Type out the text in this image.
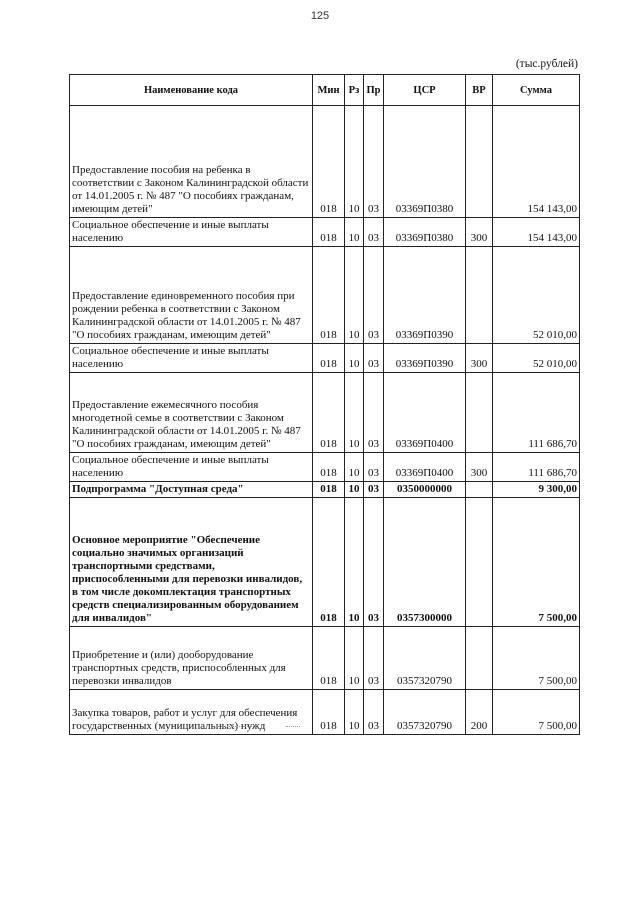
125
(тыс.рублей)
Наименование кода	Мин	Рз	Пр	ЦСР	ВР	Сумма
Предоставление пособия на ребенка в соответствии с Законом Калининградской области от 14.01.2005 г. № 487 "О пособиях гражданам, имеющим детей"	018	10	03	03369П0380		154 143,00
Социальное обеспечение и иные выплаты населению	018	10	03	03369П0380	300	154 143,00
Предоставление единовременного пособия при рождении ребенка в соответствии с Законом Калининградской области от 14.01.2005 г. № 487 "О пособиях гражданам, имеющим детей"	018	10	03	03369П0390		52 010,00
Социальное обеспечение и иные выплаты населению	018	10	03	03369П0390	300	52 010,00
Предоставление ежемесячного пособия многодетной семье в соответствии с Законом Калининградской области от 14.01.2005 г. № 487 "О пособиях гражданам, имеющим детей"	018	10	03	03369П0400		111 686,70
Социальное обеспечение и иные выплаты населению	018	10	03	03369П0400	300	111 686,70
Подпрограмма "Доступная среда"	018	10	03	0350000000		9 300,00
Основное мероприятие "Обеспечение социально значимых организаций транспортными средствами, приспособленными для перевозки инвалидов, в том числе докомплектация транспортных средств специализированным оборудованием для инвалидов"	018	10	03	0357300000		7 500,00
Приобретение и (или) дооборудование транспортных средств, приспособленных для перевозки инвалидов	018	10	03	0357320790		7 500,00
Закупка товаров, работ и услуг для обеспечения государственных (муниципальных) нужд	018	10	03	0357320790	200	7 500,00
